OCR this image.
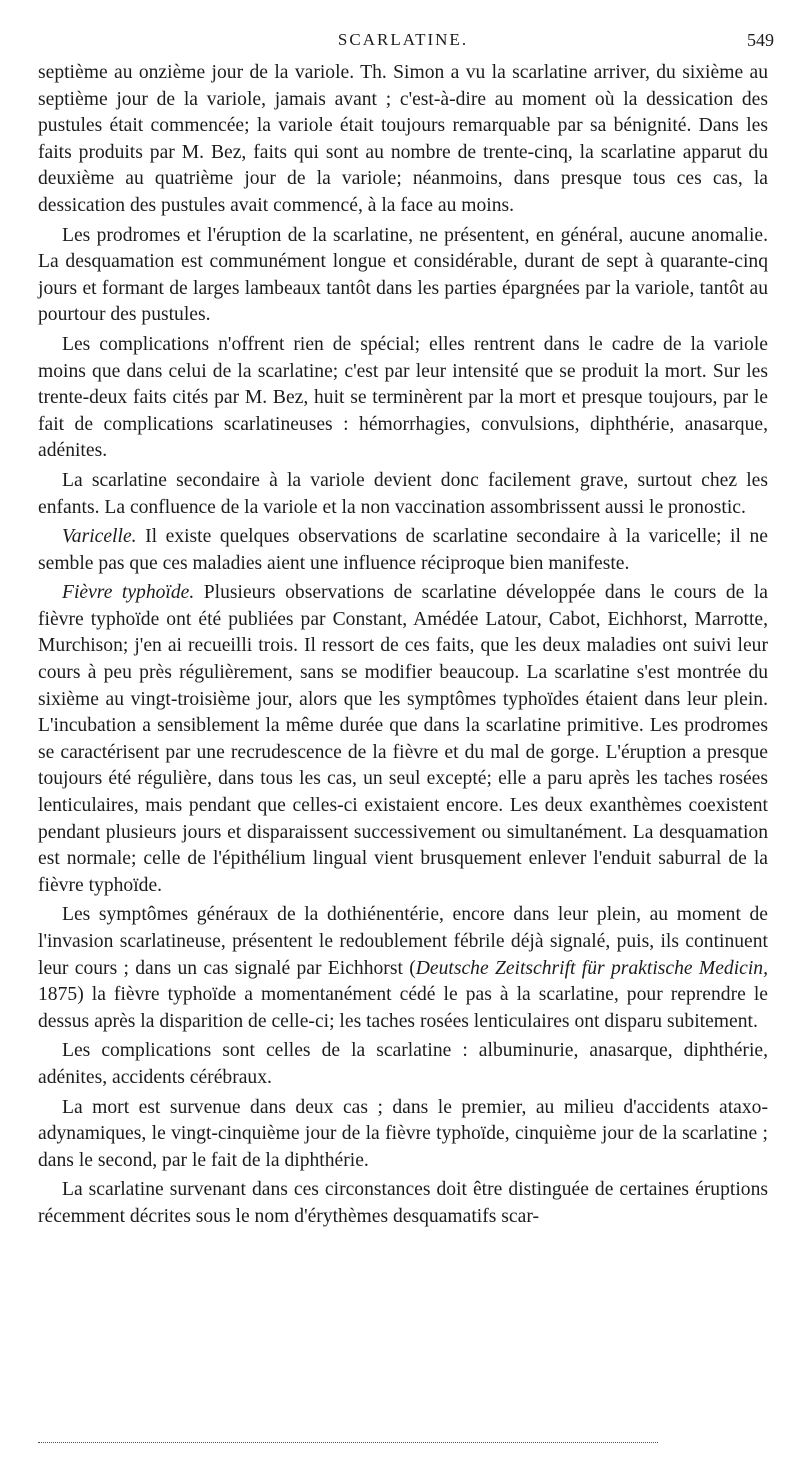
SCARLATINE.	549

septième au onzième jour de la variole. Th. Simon a vu la scarlatine arriver, du sixième au septième jour de la variole, jamais avant ; c'est-à-dire au moment où la dessication des pustules était commencée; la variole était toujours remarquable par sa bénignité. Dans les faits produits par M. Bez, faits qui sont au nombre de trente-cinq, la scarlatine apparut du deuxième au quatrième jour de la variole; néanmoins, dans presque tous ces cas, la dessication des pustules avait commencé, à la face au moins.

Les prodromes et l'éruption de la scarlatine, ne présentent, en général, aucune anomalie. La desquamation est communément longue et considérable, durant de sept à quarante-cinq jours et formant de larges lambeaux tantôt dans les parties épargnées par la variole, tantôt au pourtour des pustules.

Les complications n'offrent rien de spécial; elles rentrent dans le cadre de la variole moins que dans celui de la scarlatine; c'est par leur intensité que se produit la mort. Sur les trente-deux faits cités par M. Bez, huit se terminèrent par la mort et presque toujours, par le fait de complications scarlatineuses : hémorrhagies, convulsions, diphthérie, anasarque, adénites.

La scarlatine secondaire à la variole devient donc facilement grave, surtout chez les enfants. La confluence de la variole et la non vaccination assombrissent aussi le pronostic.

Varicelle. Il existe quelques observations de scarlatine secondaire à la varicelle; il ne semble pas que ces maladies aient une influence réciproque bien manifeste.

Fièvre typhoïde. Plusieurs observations de scarlatine développée dans le cours de la fièvre typhoïde ont été publiées par Constant, Amédée Latour, Cabot, Eichhorst, Marrotte, Murchison; j'en ai recueilli trois. Il ressort de ces faits, que les deux maladies ont suivi leur cours à peu près régulièrement, sans se modifier beaucoup. La scarlatine s'est montrée du sixième au vingt-troisième jour, alors que les symptômes typhoïdes étaient dans leur plein. L'incubation a sensiblement la même durée que dans la scarlatine primitive. Les prodromes se caractérisent par une recrudescence de la fièvre et du mal de gorge. L'éruption a presque toujours été régulière, dans tous les cas, un seul excepté; elle a paru après les taches rosées lenticulaires, mais pendant que celles-ci existaient encore. Les deux exanthèmes coexistent pendant plusieurs jours et disparaissent successivement ou simultanément. La desquamation est normale; celle de l'épithélium lingual vient brusquement enlever l'enduit saburral de la fièvre typhoïde.

Les symptômes généraux de la dothiénentérie, encore dans leur plein, au moment de l'invasion scarlatineuse, présentent le redoublement fébrile déjà signalé, puis, ils continuent leur cours ; dans un cas signalé par Eichhorst (Deutsche Zeitschrift für praktische Medicin, 1875) la fièvre typhoïde a momentanément cédé le pas à la scarlatine, pour reprendre le dessus après la disparition de celle-ci; les taches rosées lenticulaires ont disparu subitement.

Les complications sont celles de la scarlatine : albuminurie, anasarque, diphthérie, adénites, accidents cérébraux.

La mort est survenue dans deux cas ; dans le premier, au milieu d'accidents ataxo-adynamiques, le vingt-cinquième jour de la fièvre typhoïde, cinquième jour de la scarlatine ; dans le second, par le fait de la diphthérie.

La scarlatine survenant dans ces circonstances doit être distinguée de certaines éruptions récemment décrites sous le nom d'érythèmes desquamatifs scar-
